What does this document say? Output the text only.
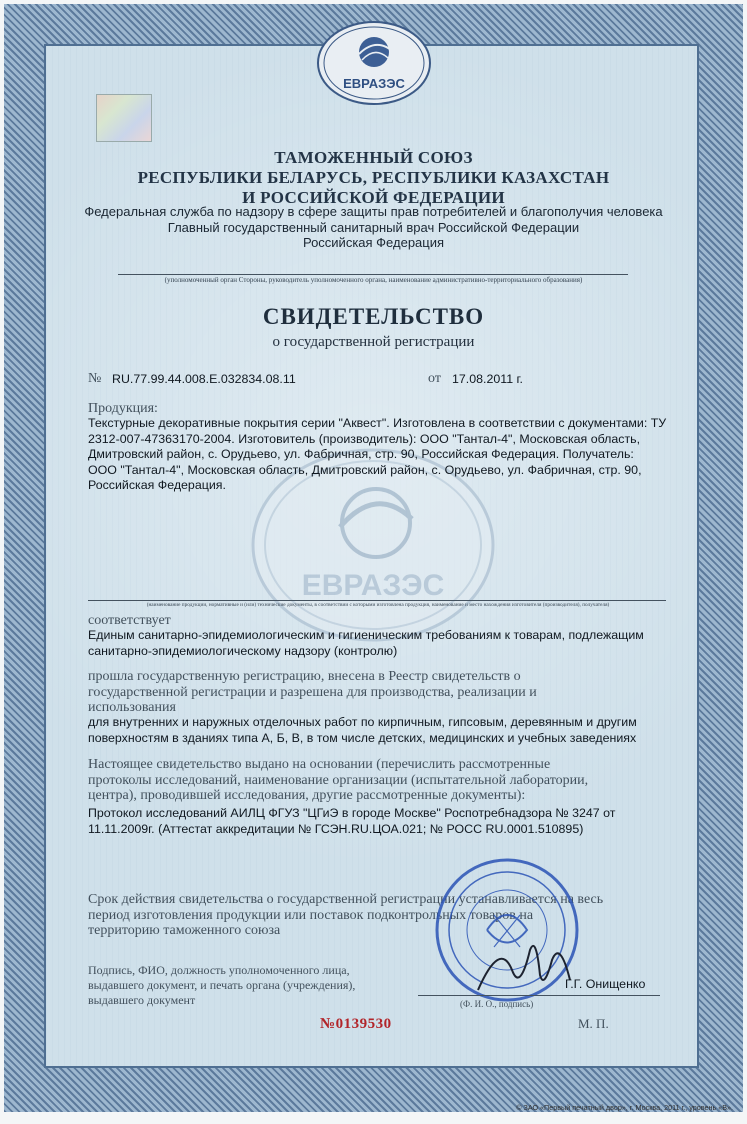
ЕВРАЗЭС
ЕВРАЗЭС
ТАМОЖЕННЫЙ СОЮЗ
РЕСПУБЛИКИ БЕЛАРУСЬ, РЕСПУБЛИКИ КАЗАХСТАН
И РОССИЙСКОЙ ФЕДЕРАЦИИ
Федеральная служба по надзору в сфере защиты прав потребителей и благополучия человека
Главный государственный санитарный врач Российской Федерации
Российская Федерация
(уполномоченный орган Стороны, руководитель уполномоченного органа, наименование административно-территориального образования)
СВИДЕТЕЛЬСТВО
о государственной регистрации
№ RU.77.99.44.008.Е.032834.08.11	от 17.08.2011 г.
Продукция:
Текстурные декоративные покрытия серии "Аквест". Изготовлена в соответствии с документами: ТУ
2312-007-47363170-2004. Изготовитель (производитель): ООО "Тантал-4", Московская область,
Дмитровский район, с. Орудьево, ул. Фабричная, стр. 90, Российская Федерация. Получатель:
ООО "Тантал-4", Московская область, Дмитровский район, с. Орудьево, ул. Фабричная, стр. 90,
Российская Федерация.
(наименование продукции, нормативные и (или) технические документы, в соответствии с которыми изготовлена продукция, наименование и место нахождения изготовителя (производителя), получателя)
соответствует
Единым санитарно-эпидемиологическим и гигиеническим требованиям к товарам, подлежащим
санитарно-эпидемиологическому надзору (контролю)
прошла государственную регистрацию, внесена в Реестр свидетельств о
государственной регистрации и разрешена для производства, реализации и
использования
для внутренних и наружных отделочных работ по кирпичным, гипсовым, деревянным и другим
поверхностям в зданиях типа А, Б, В, в том числе детских, медицинских и учебных заведениях
Настоящее свидетельство выдано на основании (перечислить рассмотренные
протоколы исследований, наименование организации (испытательной лаборатории,
центра), проводившей исследования, другие рассмотренные документы):
Протокол исследований АИЛЦ ФГУЗ "ЦГиЭ в городе Москве" Роспотребнадзора № 3247 от
11.11.2009г. (Аттестат аккредитации № ГСЭН.RU.ЦОА.021; № РОСС RU.0001.510895)
Срок действия свидетельства о государственной регистрации устанавливается на весь
период изготовления продукции или поставок подконтрольных товаров на
территорию таможенного союза
Подпись, ФИО, должность уполномоченного лица,
выдавшего документ, и печать органа (учреждения),
выдавшего документ
Г.Г. Онищенко
(Ф. И. О., подпись)
М. П.
№0139530
© ЗАО «Первый печатный двор», г. Москва, 2011 г., уровень «В».
